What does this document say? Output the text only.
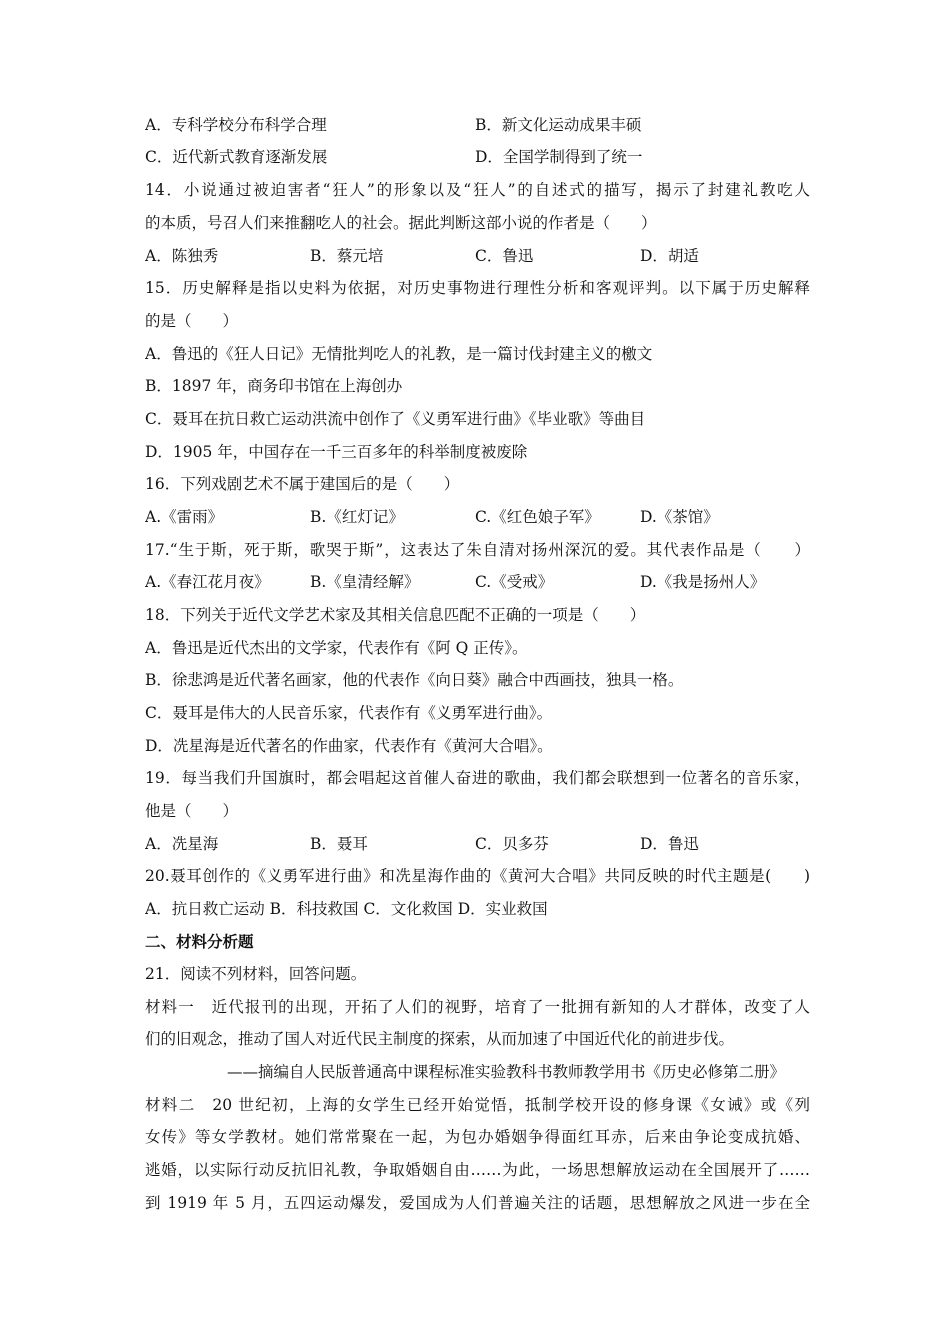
A．专科学校分布科学合理	B．新文化运动成果丰硕
C．近代新式教育逐渐发展	D．全国学制得到了统一
14．小说通过被迫害者“狂人”的形象以及“狂人”的自述式的描写，揭示了封建礼教吃人
的本质，号召人们来推翻吃人的社会。据此判断这部小说的作者是（　　）
A．陈独秀	B．蔡元培	C．鲁迅	D．胡适
15．历史解释是指以史料为依据，对历史事物进行理性分析和客观评判。以下属于历史解释
的是（　　）
A．鲁迅的《狂人日记》无情批判吃人的礼教，是一篇讨伐封建主义的檄文
B．1897 年，商务印书馆在上海创办
C．聂耳在抗日救亡运动洪流中创作了《义勇军进行曲》《毕业歌》等曲目
D．1905 年，中国存在一千三百多年的科举制度被废除
16．下列戏剧艺术不属于建国后的是（　　）
A.《雷雨》	B.《红灯记》	C.《红色娘子军》	D.《茶馆》
17.“生于斯，死于斯，歌哭于斯”，这表达了朱自清对扬州深沉的爱。其代表作品是（　　）
A.《春江花月夜》	B.《皇清经解》	C.《受戒》	D.《我是扬州人》
18．下列关于近代文学艺术家及其相关信息匹配不正确的一项是（　　）
A．鲁迅是近代杰出的文学家，代表作有《阿 Q 正传》。
B．徐悲鸿是近代著名画家，他的代表作《向日葵》融合中西画技，独具一格。
C．聂耳是伟大的人民音乐家，代表作有《义勇军进行曲》。
D．冼星海是近代著名的作曲家，代表作有《黄河大合唱》。
19．每当我们升国旗时，都会唱起这首催人奋进的歌曲，我们都会联想到一位著名的音乐家，
他是（　　）
A．冼星海	B．聂耳	C．贝多芬	D．鲁迅
20.聂耳创作的《义勇军进行曲》和冼星海作曲的《黄河大合唱》共同反映的时代主题是(　　)
A．抗日救亡运动 B．科技救国 C．文化救国 D．实业救国
二、材料分析题
21．阅读不列材料，回答问题。
材料一　近代报刊的出现，开拓了人们的视野，培育了一批拥有新知的人才群体，改变了人
们的旧观念，推动了国人对近代民主制度的探索，从而加速了中国近代化的前进步伐。
——摘编自人民版普通高中课程标准实验教科书教师教学用书《历史必修第二册》
材料二　20 世纪初，上海的女学生已经开始觉悟，抵制学校开设的修身课《女诫》或《列
女传》等女学教材。她们常常聚在一起，为包办婚姻争得面红耳赤，后来由争论变成抗婚、
逃婚，以实际行动反抗旧礼教，争取婚姻自由……为此，一场思想解放运动在全国展开了……
到 1919 年 5 月，五四运动爆发，爱国成为人们普遍关注的话题，思想解放之风进一步在全
